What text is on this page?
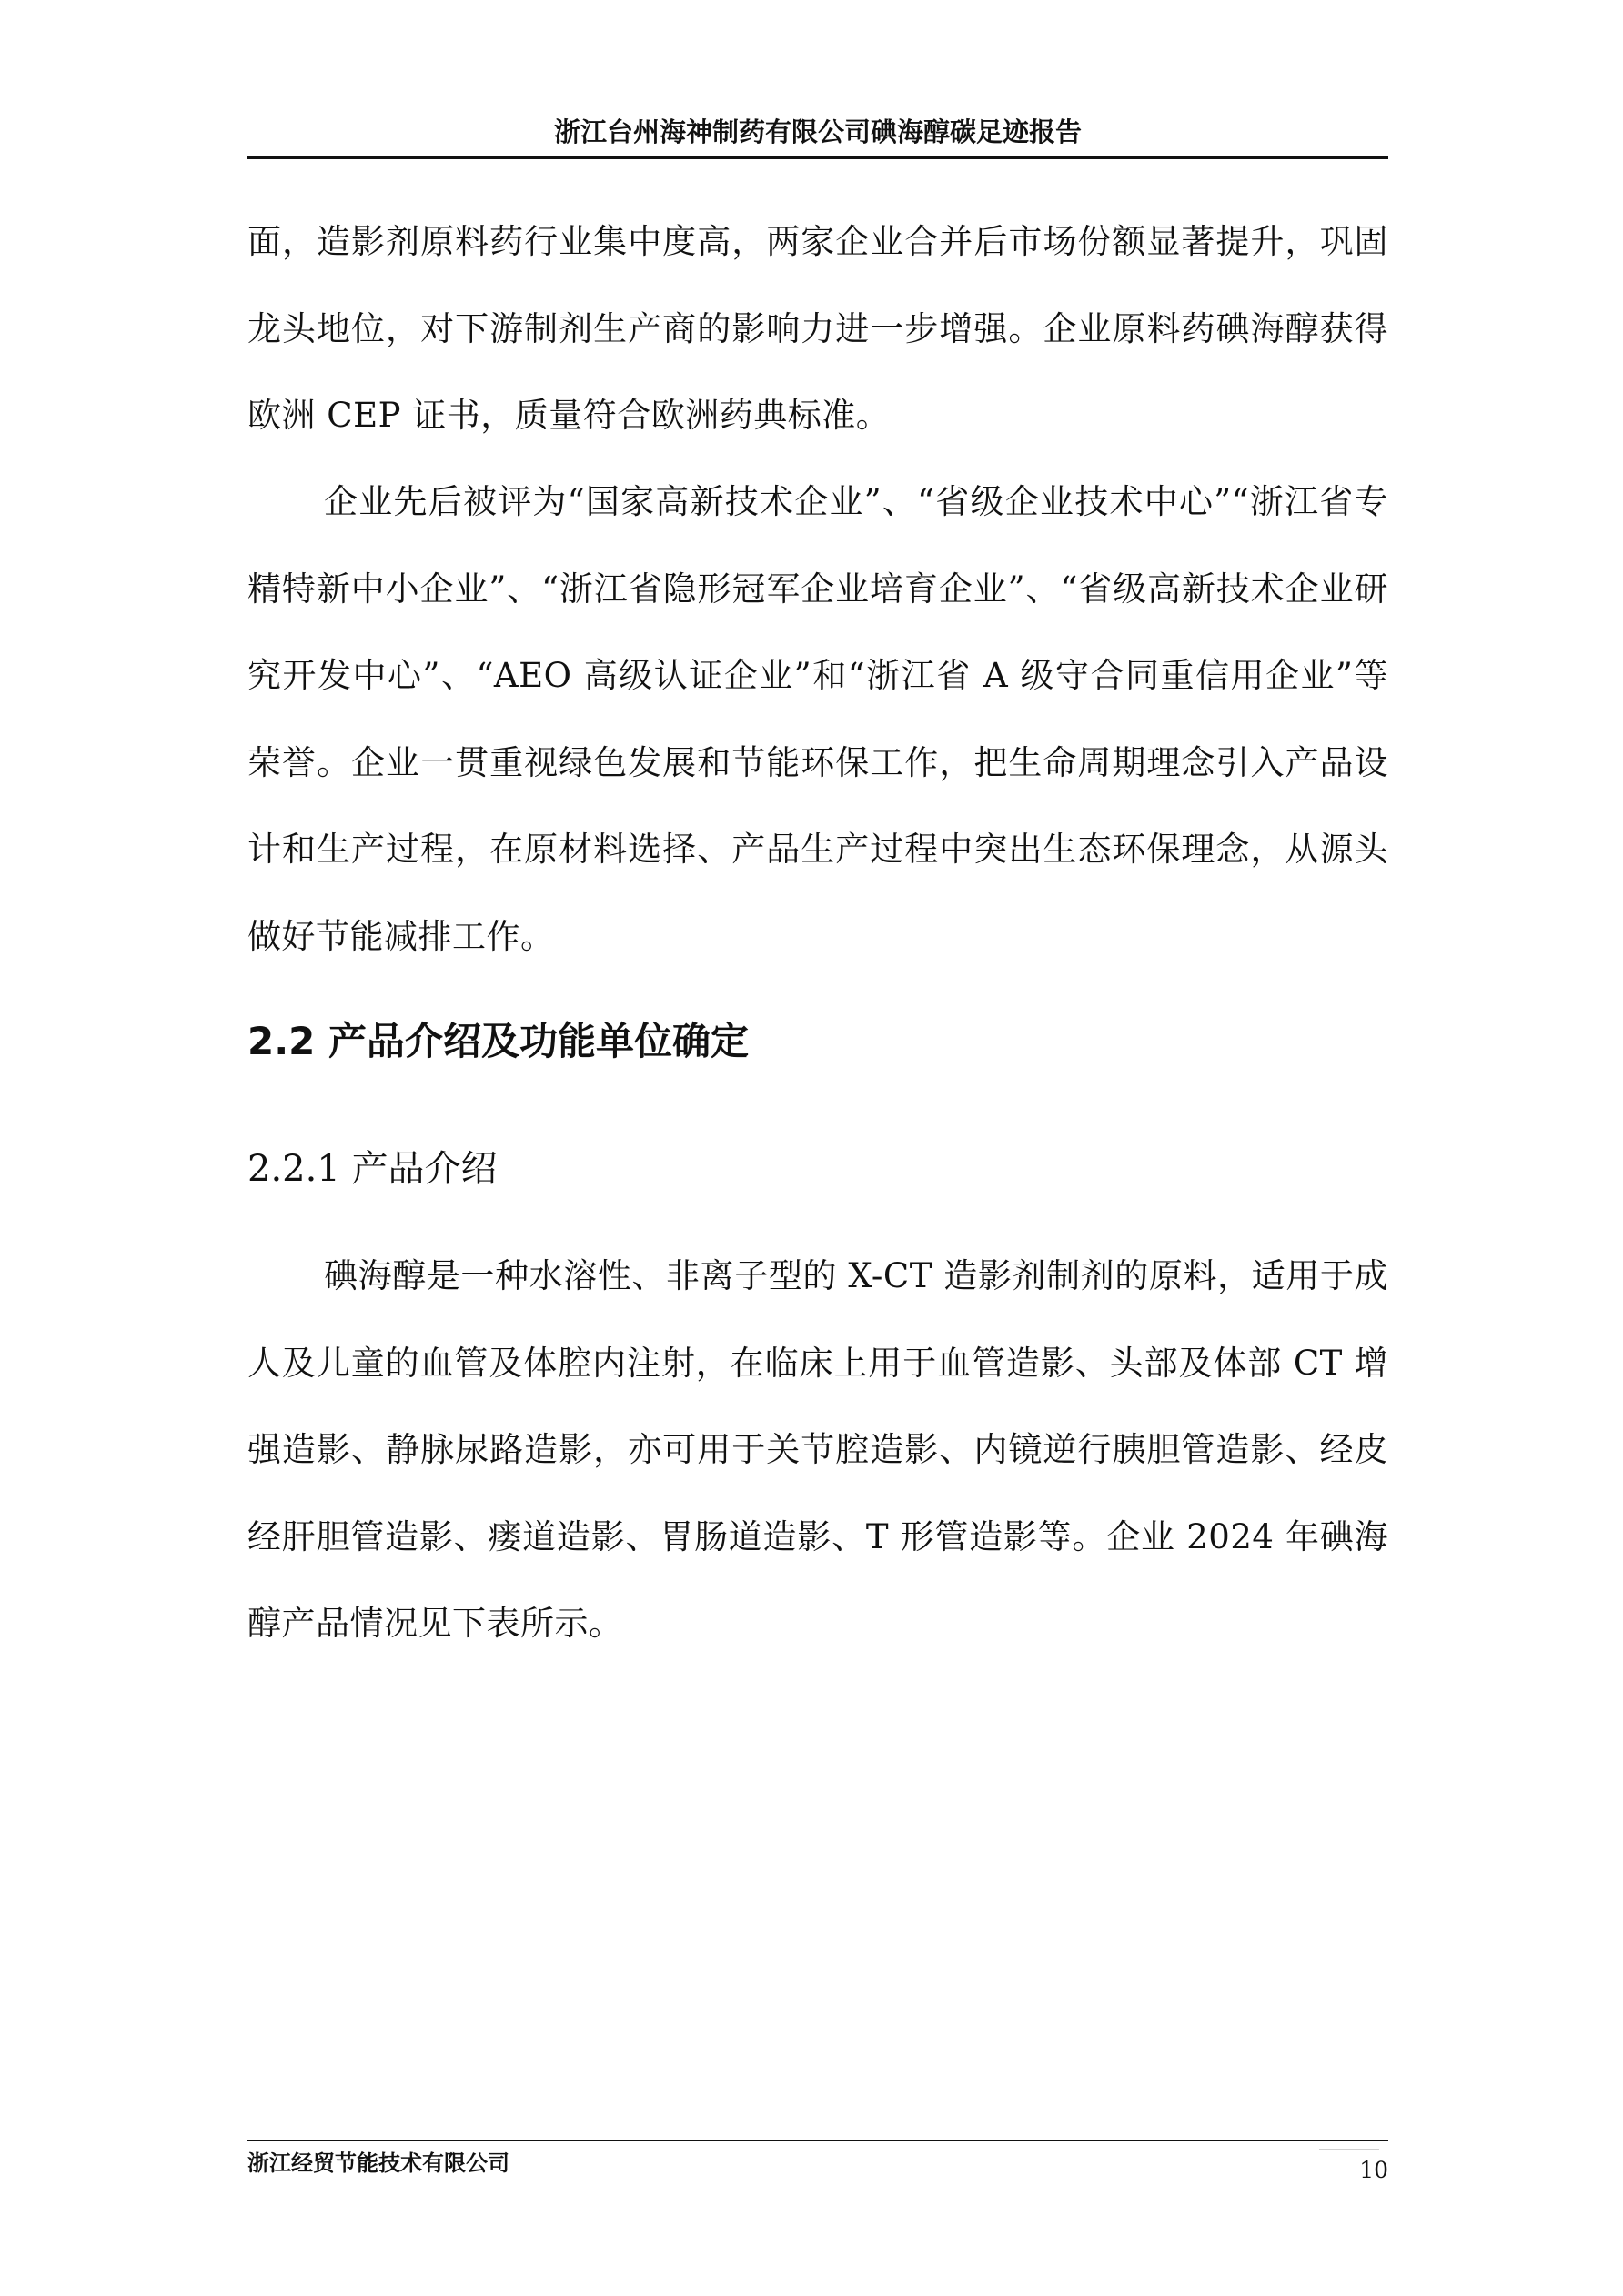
浙江台州海神制药有限公司碘海醇碳足迹报告
面，造影剂原料药行业集中度高，两家企业合并后市场份额显著提升，巩固龙头地位，对下游制剂生产商的影响力进一步增强。企业原料药碘海醇获得欧洲 CEP 证书，质量符合欧洲药典标准。
企业先后被评为“国家高新技术企业”、“省级企业技术中心”“浙江省专精特新中小企业”、“浙江省隐形冠军企业培育企业”、“省级高新技术企业研究开发中心”、“AEO 高级认证企业”和“浙江省 A 级守合同重信用企业”等荣誉。企业一贯重视绿色发展和节能环保工作，把生命周期理念引入产品设计和生产过程，在原材料选择、产品生产过程中突出生态环保理念，从源头做好节能减排工作。
2.2 产品介绍及功能单位确定
2.2.1 产品介绍
碘海醇是一种水溶性、非离子型的 X-CT 造影剂制剂的原料，适用于成人及儿童的血管及体腔内注射，在临床上用于血管造影、头部及体部 CT 增强造影、静脉尿路造影，亦可用于关节腔造影、内镜逆行胰胆管造影、经皮经肝胆管造影、瘘道造影、胃肠道造影、T 形管造影等。企业 2024 年碘海醇产品情况见下表所示。
浙江经贸节能技术有限公司	10
